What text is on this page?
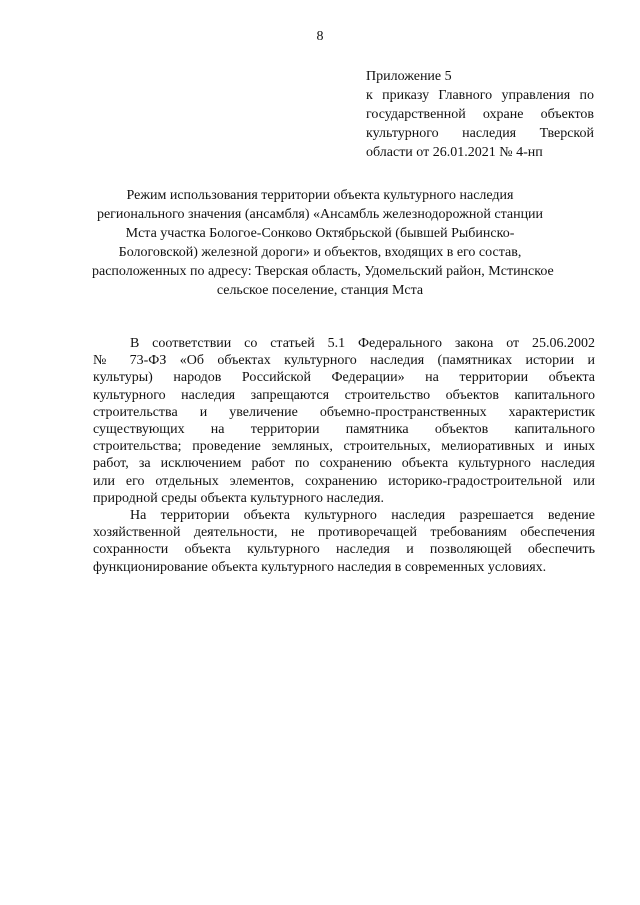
8
Приложение 5
к приказу Главного управления по
государственной охране объектов
культурного наследия Тверской
области от 26.01.2021 № 4-нп
Режим использования территории объекта культурного наследия
регионального значения (ансамбля) «Ансамбль железнодорожной станции
Мста участка Бологое-Сонково Октябрьской (бывшей Рыбинско-
Бологовской) железной дороги» и объектов, входящих в его состав,
расположенных по адресу: Тверская область, Удомельский район, Мстинское
сельское поселение, станция Мста
В соответствии со статьей 5.1 Федерального закона от 25.06.2002
№ 73-ФЗ «Об объектах культурного наследия (памятниках истории и
культуры) народов Российской Федерации» на территории объекта
культурного наследия запрещаются строительство объектов капитального
строительства и увеличение объемно-пространственных характеристик
существующих на территории памятника объектов капитального
строительства; проведение земляных, строительных, мелиоративных и иных
работ, за исключением работ по сохранению объекта культурного наследия
или его отдельных элементов, сохранению историко-градостроительной или
природной среды объекта культурного наследия.
На территории объекта культурного наследия разрешается ведение
хозяйственной деятельности, не противоречащей требованиям обеспечения
сохранности объекта культурного наследия и позволяющей обеспечить
функционирование объекта культурного наследия в современных условиях.
